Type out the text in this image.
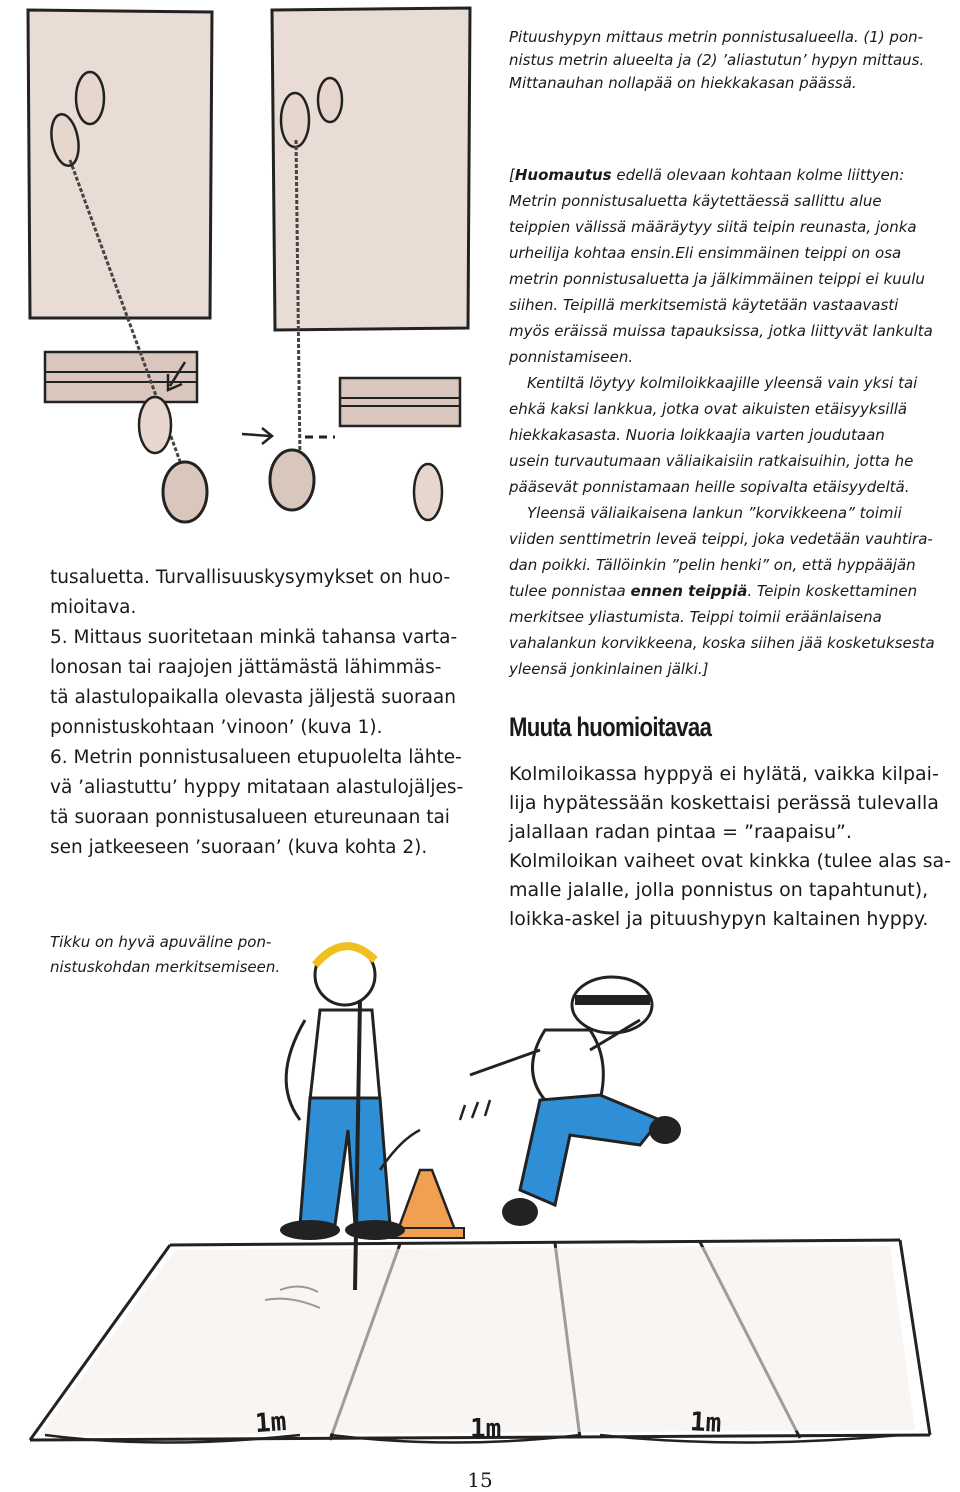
Pituushypyn mittaus metrin ponnistusalueella. (1) pon-
nistus metrin alueelta ja (2) ’aliastutun’ hypyn mittaus.
Mittanauhan nollapää on hiekkakasan päässä.
[Huomautus edellä olevaan kohtaan kolme liittyen:
Metrin ponnistusaluetta käytettäessä sallittu alue
teippien välissä määräytyy siitä teipin reunasta, jonka
urheilija kohtaa ensin.Eli ensimmäinen teippi on osa
metrin ponnistusaluetta ja jälkimmäinen teippi ei kuulu
siihen. Teipillä merkitsemistä käytetään vastaavasti
myös eräissä muissa tapauksissa, jotka liittyvät lankulta
ponnistamiseen.
Kentiltä löytyy kolmiloikkaajille yleensä vain yksi tai
ehkä kaksi lankkua, jotka ovat aikuisten etäisyyksillä
hiekkakasasta. Nuoria loikkaajia varten joudutaan
usein turvautumaan väliaikaisiin ratkaisuihin, jotta he
pääsevät ponnistamaan heille sopivalta etäisyydeltä.
Yleensä väliaikaisena lankun ”korvikkeena” toimii
viiden senttimetrin leveä teippi, joka vedetään vauhtira-
dan poikki. Tällöinkin ”pelin henki” on, että hyppääjän
tulee ponnistaa ennen teippiä. Teipin koskettaminen
merkitsee yliastumista. Teippi toimii eräänlaisena
vahalankun korvikkeena, koska siihen jää kosketuksesta
yleensä jonkinlainen jälki.]
Muuta huomioitavaa
Kolmiloikassa hyppyä ei hylätä, vaikka kilpai-
lija hypätessään koskettaisi perässä tulevalla
jalallaan radan pintaa = ”raapaisu”.
Kolmiloikan vaiheet ovat kinkka (tulee alas sa-
malle jalalle, jolla ponnistus on tapahtunut),
loikka-askel ja pituushypyn kaltainen hyppy.
tusaluetta. Turvallisuuskysymykset on huo-
mioitava.
5. Mittaus suoritetaan minkä tahansa varta-
lonosan tai raajojen jättämästä lähimmäs-
tä alastulopaikalla olevasta jäljestä suoraan
ponnistuskohtaan ’vinoon’ (kuva 1).
6. Metrin ponnistusalueen etupuolelta lähte-
vä ’aliastuttu’ hyppy mitataan alastulojäljes-
tä suoraan ponnistusalueen etureunaan tai
sen jatkeeseen ’suoraan’ (kuva kohta 2).
Tikku on hyvä apuväline pon-
nistuskohdan merkitsemiseen.
1m	1m	1m
15
